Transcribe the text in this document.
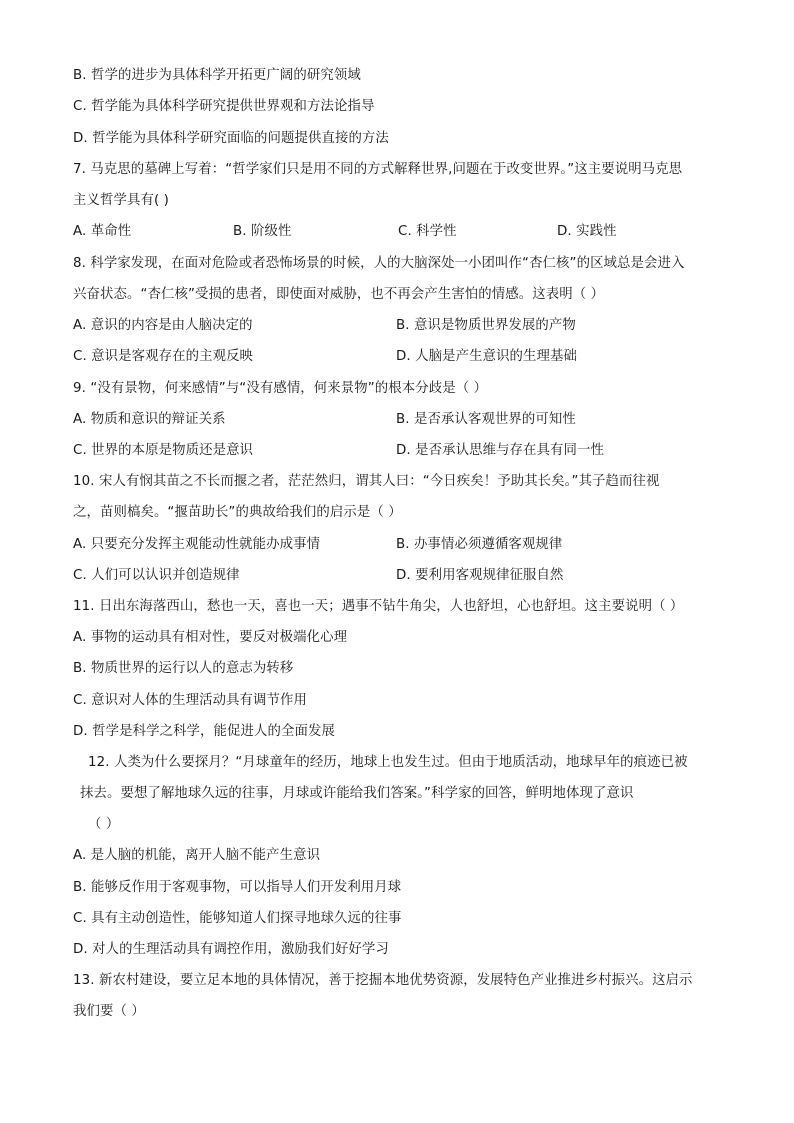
B. 哲学的进步为具体科学开拓更广阔的研究领域
C. 哲学能为具体科学研究提供世界观和方法论指导
D. 哲学能为具体科学研究面临的问题提供直接的方法
7. 马克思的墓碑上写着：“哲学家们只是用不同的方式解释世界,问题在于改变世界。”这主要说明马克思
主义哲学具有( )
A. 革命性	B. 阶级性	C. 科学性	D. 实践性
8. 科学家发现，在面对危险或者恐怖场景的时候，人的大脑深处一小团叫作“杏仁核”的区域总是会进入
兴奋状态。“杏仁核”受损的患者，即使面对威胁，也不再会产生害怕的情感。这表明（ ）
A. 意识的内容是由人脑决定的	B. 意识是物质世界发展的产物
C. 意识是客观存在的主观反映	D. 人脑是产生意识的生理基础
9. “没有景物，何来感情”与“没有感情，何来景物”的根本分歧是（ ）
A. 物质和意识的辩证关系	B. 是否承认客观世界的可知性
C. 世界的本原是物质还是意识	D. 是否承认思维与存在具有同一性
10. 宋人有悯其苗之不长而揠之者，茫茫然归，谓其人曰：“今日疾矣！予助其长矣。”其子趋而往视
之，苗则槁矣。“揠苗助长”的典故给我们的启示是（ ）
A. 只要充分发挥主观能动性就能办成事情	B. 办事情必须遵循客观规律
C. 人们可以认识并创造规律	D. 要利用客观规律征服自然
11. 日出东海落西山，愁也一天，喜也一天；遇事不钻牛角尖，人也舒坦，心也舒坦。这主要说明（ ）
A. 事物的运动具有相对性，要反对极端化心理
B. 物质世界的运行以人的意志为转移
C. 意识对人体的生理活动具有调节作用
D. 哲学是科学之科学，能促进人的全面发展
12. 人类为什么要探月？“月球童年的经历，地球上也发生过。但由于地质活动，地球早年的痕迹已被
抹去。要想了解地球久远的往事，月球或许能给我们答案。”科学家的回答，鲜明地体现了意识
（ ）
A. 是人脑的机能，离开人脑不能产生意识
B. 能够反作用于客观事物，可以指导人们开发利用月球
C. 具有主动创造性，能够知道人们探寻地球久远的往事
D. 对人的生理活动具有调控作用，激励我们好好学习
13. 新农村建设，要立足本地的具体情况，善于挖掘本地优势资源，发展特色产业推进乡村振兴。这启示
我们要（ ）
